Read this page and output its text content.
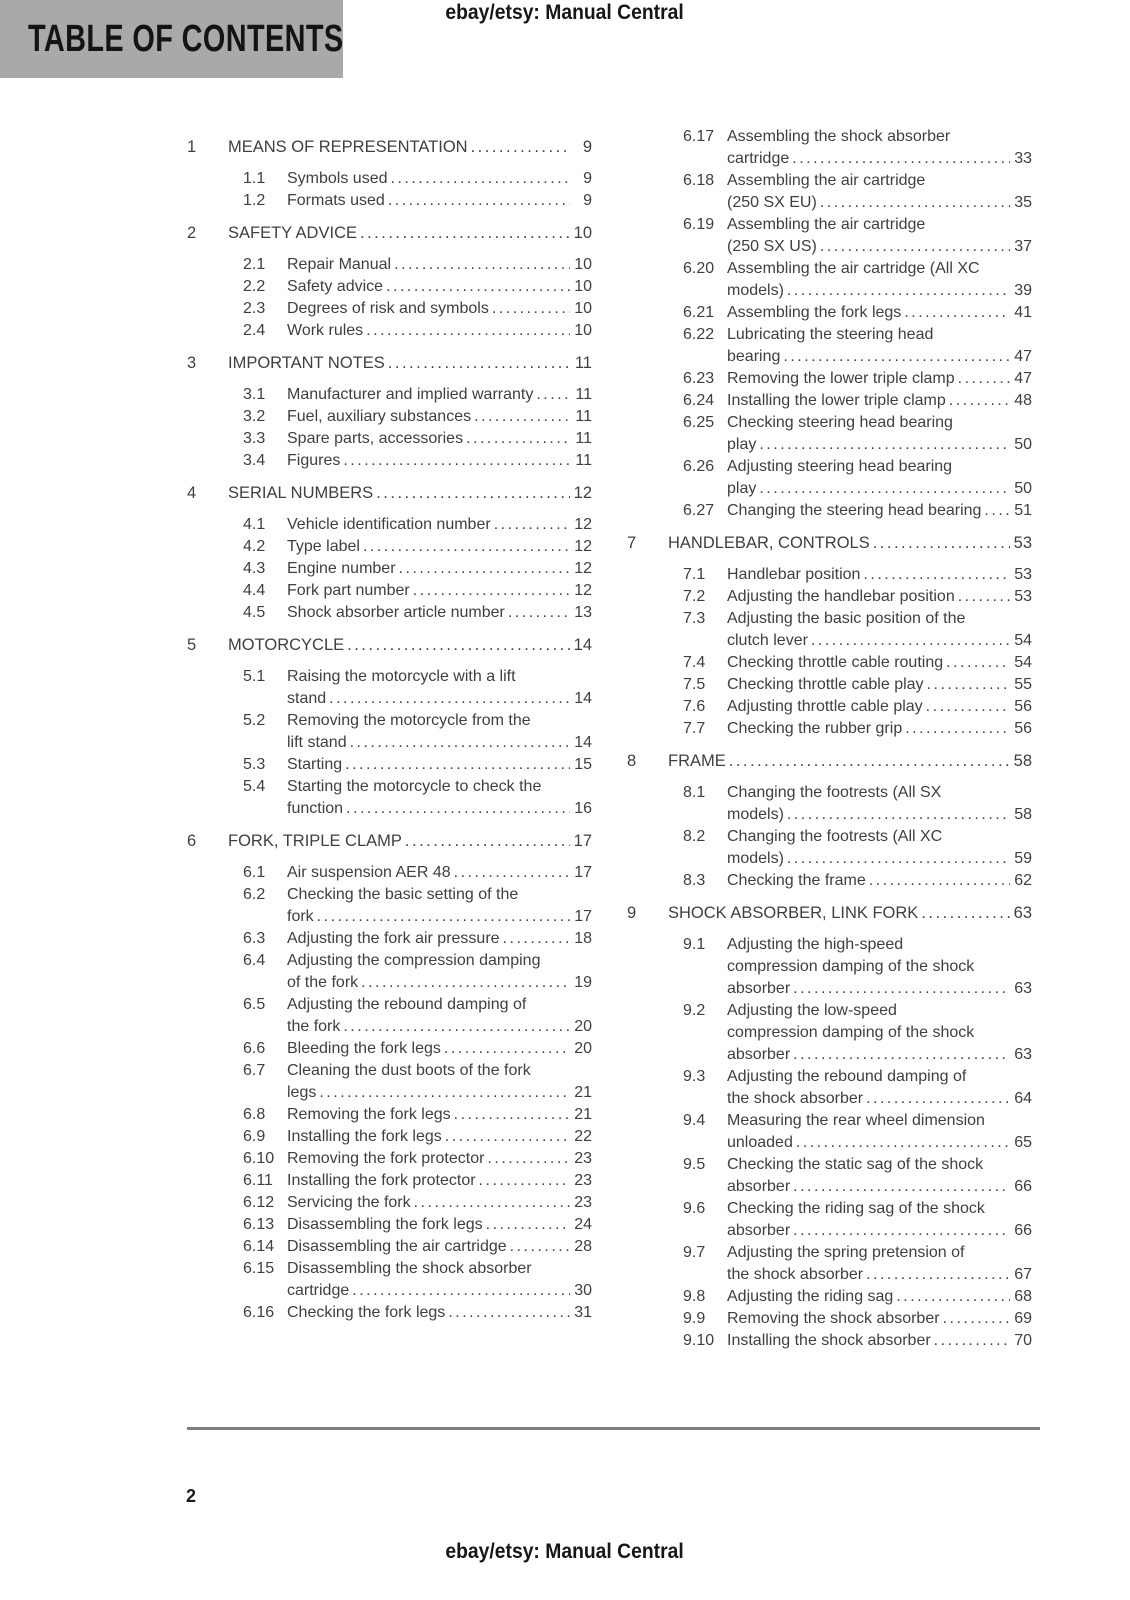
ebay/etsy: Manual Central
TABLE OF CONTENTS
1	MEANS OF REPRESENTATION .....	9
1.1	Symbols used .....	9
1.2	Formats used .....	9
2	SAFETY ADVICE .....	10
2.1	Repair Manual .....	10
2.2	Safety advice .....	10
2.3	Degrees of risk and symbols .....	10
2.4	Work rules .....	10
3	IMPORTANT NOTES .....	11
3.1	Manufacturer and implied warranty .....	11
3.2	Fuel, auxiliary substances .....	11
3.3	Spare parts, accessories .....	11
3.4	Figures .....	11
4	SERIAL NUMBERS .....	12
4.1	Vehicle identification number .....	12
4.2	Type label .....	12
4.3	Engine number .....	12
4.4	Fork part number .....	12
4.5	Shock absorber article number .....	13
5	MOTORCYCLE .....	14
5.1	Raising the motorcycle with a lift
stand .....	14
5.2	Removing the motorcycle from the
lift stand .....	14
5.3	Starting .....	15
5.4	Starting the motorcycle to check the
function .....	16
6	FORK, TRIPLE CLAMP .....	17
6.1	Air suspension AER 48 .....	17
6.2	Checking the basic setting of the
fork .....	17
6.3	Adjusting the fork air pressure .....	18
6.4	Adjusting the compression damping
of the fork .....	19
6.5	Adjusting the rebound damping of
the fork .....	20
6.6	Bleeding the fork legs .....	20
6.7	Cleaning the dust boots of the fork
legs .....	21
6.8	Removing the fork legs .....	21
6.9	Installing the fork legs .....	22
6.10 Removing the fork protector .....	23
6.11 Installing the fork protector .....	23
6.12 Servicing the fork .....	23
6.13 Disassembling the fork legs .....	24
6.14 Disassembling the air cartridge .....	28
6.15 Disassembling the shock absorber
cartridge .....	30
6.16 Checking the fork legs .....	31
6.17 Assembling the shock absorber
cartridge .....	33
6.18 Assembling the air cartridge
(250 SX EU) .....	35
6.19 Assembling the air cartridge
(250 SX US) .....	37
6.20 Assembling the air cartridge (All XC
models) .....	39
6.21 Assembling the fork legs .....	41
6.22 Lubricating the steering head
bearing .....	47
6.23 Removing the lower triple clamp .....	47
6.24 Installing the lower triple clamp .....	48
6.25 Checking steering head bearing
play .....	50
6.26 Adjusting steering head bearing
play .....	50
6.27 Changing the steering head bearing ..... 51
7	HANDLEBAR, CONTROLS .....	53
7.1	Handlebar position .....	53
7.2	Adjusting the handlebar position .....	53
7.3	Adjusting the basic position of the
clutch lever .....	54
7.4	Checking throttle cable routing .....	54
7.5	Checking throttle cable play .....	55
7.6	Adjusting throttle cable play .....	56
7.7	Checking the rubber grip .....	56
8	FRAME .....	58
8.1	Changing the footrests (All SX
models) .....	58
8.2	Changing the footrests (All XC
models) .....	59
8.3	Checking the frame .....	62
9	SHOCK ABSORBER, LINK FORK .....	63
9.1	Adjusting the high-speed
compression damping of the shock
absorber .....	63
9.2	Adjusting the low-speed
compression damping of the shock
absorber .....	63
9.3	Adjusting the rebound damping of
the shock absorber .....	64
9.4	Measuring the rear wheel dimension
unloaded .....	65
9.5	Checking the static sag of the shock
absorber .....	66
9.6	Checking the riding sag of the shock
absorber .....	66
9.7	Adjusting the spring pretension of
the shock absorber .....	67
9.8	Adjusting the riding sag .....	68
9.9	Removing the shock absorber .....	69
9.10 Installing the shock absorber .....	70
2
ebay/etsy: Manual Central
